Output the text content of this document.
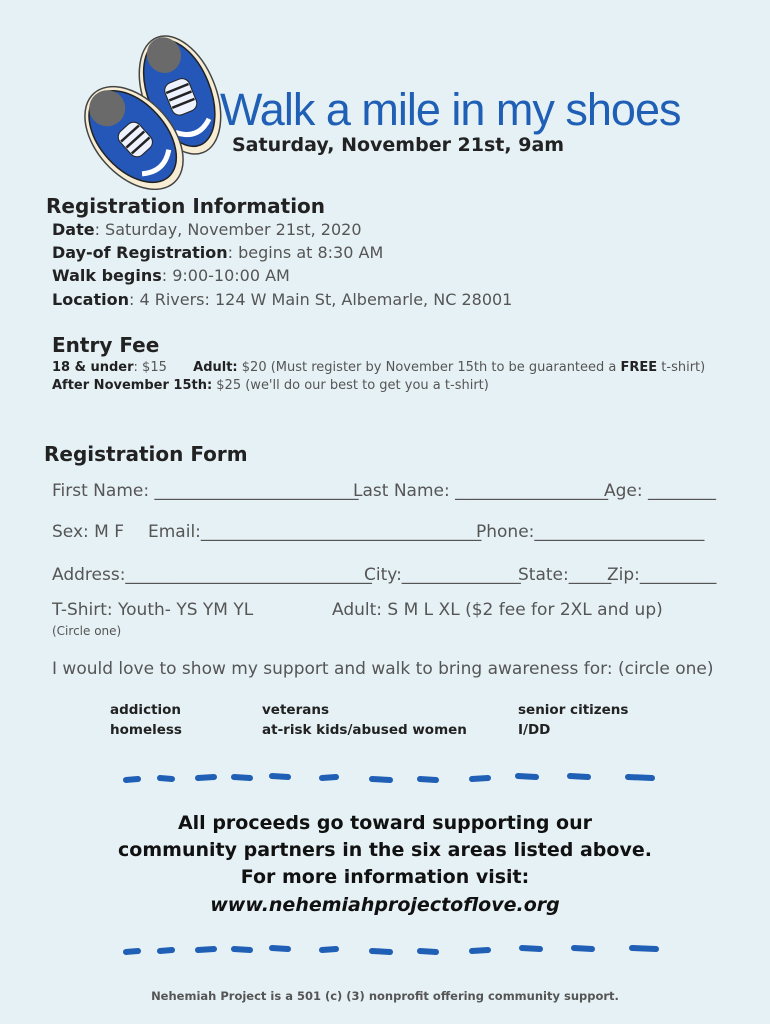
Walk a mile in my shoes
Saturday, November 21st, 9am
Registration Information
Date: Saturday, November 21st, 2020
Day-of Registration: begins at 8:30 AM
Walk begins: 9:00-10:00 AM
Location: 4 Rivers: 124 W Main St, Albemarle, NC 28001
Entry Fee
18 & under: $15 Adult: $20 (Must register by November 15th to be guaranteed a FREE t-shirt)
After November 15th: $25 (we'll do our best to get you a t-shirt)
Registration Form
First Name: ________________________
Last Name: __________________
Age: ________
Sex: M F Email:_________________________________
Phone:____________________
Address:_____________________________
City:______________
State:_____
Zip:_________
T-Shirt: Youth- YS YM YL	Adult: S M L XL ($2 fee for 2XL and up)
(Circle one)
I would love to show my support and walk to bring awareness for: (circle one)
addiction	veterans	senior citizens
homeless	at-risk kids/abused women	I/DD
All proceeds go toward supporting our
community partners in the six areas listed above.
For more information visit:
www.nehemiahprojectoflove.org
Nehemiah Project is a 501 (c) (3) nonprofit offering community support.
